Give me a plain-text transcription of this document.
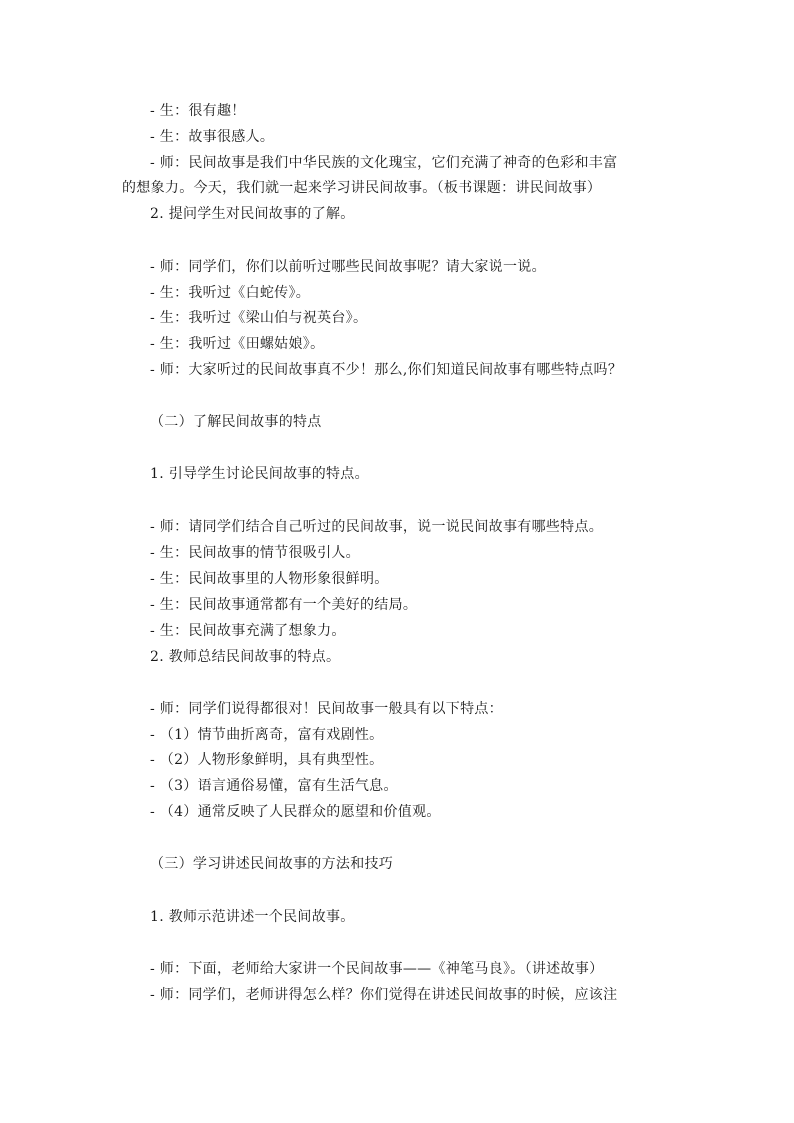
- 生：很有趣！
- 生：故事很感人。
- 师：民间故事是我们中华民族的文化瑰宝，它们充满了神奇的色彩和丰富
的想象力。今天，我们就一起来学习讲民间故事。（板书课题：讲民间故事）
2. 提问学生对民间故事的了解。
- 师：同学们，你们以前听过哪些民间故事呢？请大家说一说。
- 生：我听过《白蛇传》。
- 生：我听过《梁山伯与祝英台》。
- 生：我听过《田螺姑娘》。
- 师：大家听过的民间故事真不少！那么,你们知道民间故事有哪些特点吗？
（二）了解民间故事的特点
1. 引导学生讨论民间故事的特点。
- 师：请同学们结合自己听过的民间故事，说一说民间故事有哪些特点。
- 生：民间故事的情节很吸引人。
- 生：民间故事里的人物形象很鲜明。
- 生：民间故事通常都有一个美好的结局。
- 生：民间故事充满了想象力。
2. 教师总结民间故事的特点。
- 师：同学们说得都很对！民间故事一般具有以下特点：
- （1）情节曲折离奇，富有戏剧性。
- （2）人物形象鲜明，具有典型性。
- （3）语言通俗易懂，富有生活气息。
- （4）通常反映了人民群众的愿望和价值观。
（三）学习讲述民间故事的方法和技巧
1. 教师示范讲述一个民间故事。
- 师：下面，老师给大家讲一个民间故事——《神笔马良》。（讲述故事）
- 师：同学们，老师讲得怎么样？你们觉得在讲述民间故事的时候，应该注
